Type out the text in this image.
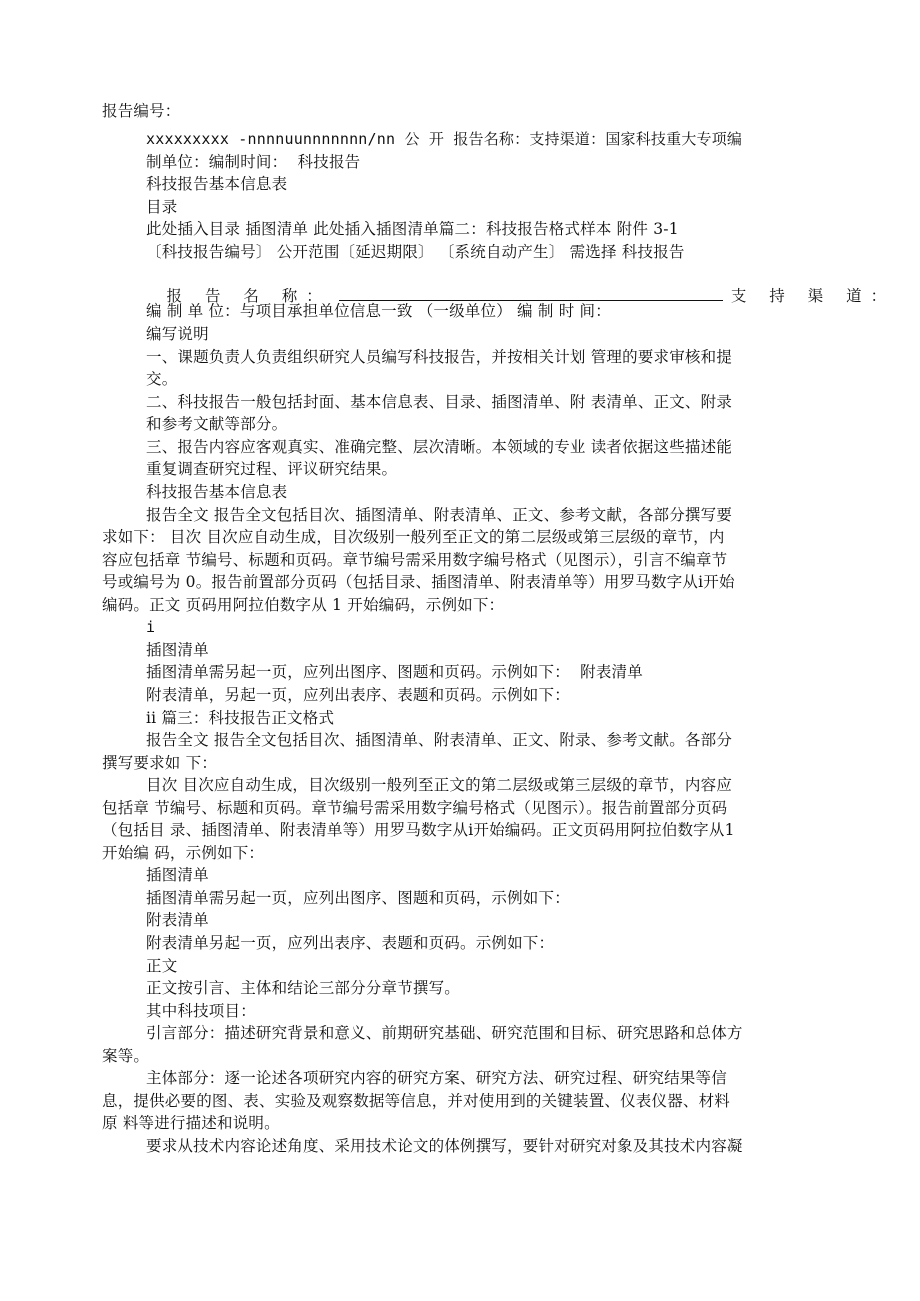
报告编号：
xxxxxxxxx -nnnnuunnnnnnn/nn 公 开 报告名称：支持渠道：国家科技重大专项编
制单位：编制时间：  科技报告
科技报告基本信息表
目录
此处插入目录 插图清单 此处插入插图清单篇二：科技报告格式样本 附件 3-1
〔科技报告编号〕 公开范围〔延迟期限〕 〔系统自动产生〕 需选择 科技报告

报 告 名 称：	支 持 渠 道：

编 制 单 位：与项目承担单位信息一致 （一级单位） 编 制 时 间：
编写说明
一、课题负责人负责组织研究人员编写科技报告，并按相关计划 管理的要求审核和提
交。
二、科技报告一般包括封面、基本信息表、目录、插图清单、附 表清单、正文、附录
和参考文献等部分。
三、报告内容应客观真实、准确完整、层次清晰。本领域的专业 读者依据这些描述能
重复调查研究过程、评议研究结果。
科技报告基本信息表
报告全文 报告全文包括目次、插图清单、附表清单、正文、参考文献，各部分撰写要
求如下： 目次 目次应自动生成，目次级别一般列至正文的第二层级或第三层级的章节，内
容应包括章 节编号、标题和页码。章节编号需采用数字编号格式（见图示），引言不编章节
号或编号为 0。报告前置部分页码（包括目录、插图清单、附表清单等）用罗马数字从i开始
编码。正文 页码用阿拉伯数字从 1 开始编码，示例如下：
i
插图清单
插图清单需另起一页，应列出图序、图题和页码。示例如下：  附表清单
附表清单，另起一页，应列出表序、表题和页码。示例如下：
ii 篇三：科技报告正文格式
报告全文 报告全文包括目次、插图清单、附表清单、正文、附录、参考文献。各部分
撰写要求如 下：
目次 目次应自动生成，目次级别一般列至正文的第二层级或第三层级的章节，内容应
包括章 节编号、标题和页码。章节编号需采用数字编号格式（见图示）。报告前置部分页码
（包括目 录、插图清单、附表清单等）用罗马数字从i开始编码。正文页码用阿拉伯数字从1
开始编 码，示例如下：
插图清单
插图清单需另起一页，应列出图序、图题和页码，示例如下：
附表清单
附表清单另起一页，应列出表序、表题和页码。示例如下：
正文
正文按引言、主体和结论三部分分章节撰写。
其中科技项目：
引言部分：描述研究背景和意义、前期研究基础、研究范围和目标、研究思路和总体方
案等。
主体部分：逐一论述各项研究内容的研究方案、研究方法、研究过程、研究结果等信
息，提供必要的图、表、实验及观察数据等信息，并对使用到的关键装置、仪表仪器、材料
原 料等进行描述和说明。
要求从技术内容论述角度、采用技术论文的体例撰写，要针对研究对象及其技术内容凝
